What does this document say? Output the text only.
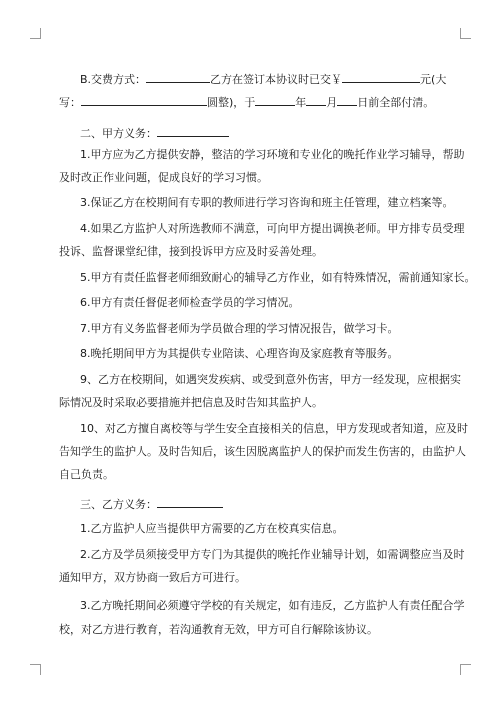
B.交费方式：	乙方在签订本协议时已交￥	元(大
写：	圆整)，于	年 月 日前全部付清。
二、甲方义务：
1.甲方应为乙方提供安静，整洁的学习环境和专业化的晚托作业学习辅导，帮助
及时改正作业问题，促成良好的学习习惯。
3.保证乙方在校期间有专职的教师进行学习咨询和班主任管理，建立档案等。
4.如果乙方监护人对所选教师不满意，可向甲方提出调换老师。甲方排专员受理
投诉、监督课堂纪律，接到投诉甲方应及时妥善处理。
5.甲方有责任监督老师细致耐心的辅导乙方作业，如有特殊情况，需前通知家长。
6.甲方有责任督促老师检查学员的学习情况。
7.甲方有义务监督老师为学员做合理的学习情况报告，做学习卡。
8.晚托期间甲方为其提供专业陪读、心理咨询及家庭教育等服务。
9、乙方在校期间，如遇突发疾病、或受到意外伤害，甲方一经发现，应根据实
际情况及时采取必要措施并把信息及时告知其监护人。
10、对乙方擅自离校等与学生安全直接相关的信息，甲方发现或者知道，应及时
告知学生的监护人。及时告知后，该生因脱离监护人的保护而发生伤害的，由监护人
自己负责。
三、乙方义务：
1.乙方监护人应当提供甲方需要的乙方在校真实信息。
2.乙方及学员须接受甲方专门为其提供的晚托作业辅导计划，如需调整应当及时
通知甲方，双方协商一致后方可进行。
3.乙方晚托期间必须遵守学校的有关规定，如有违反，乙方监护人有责任配合学
校，对乙方进行教育，若沟通教育无效，甲方可自行解除该协议。
